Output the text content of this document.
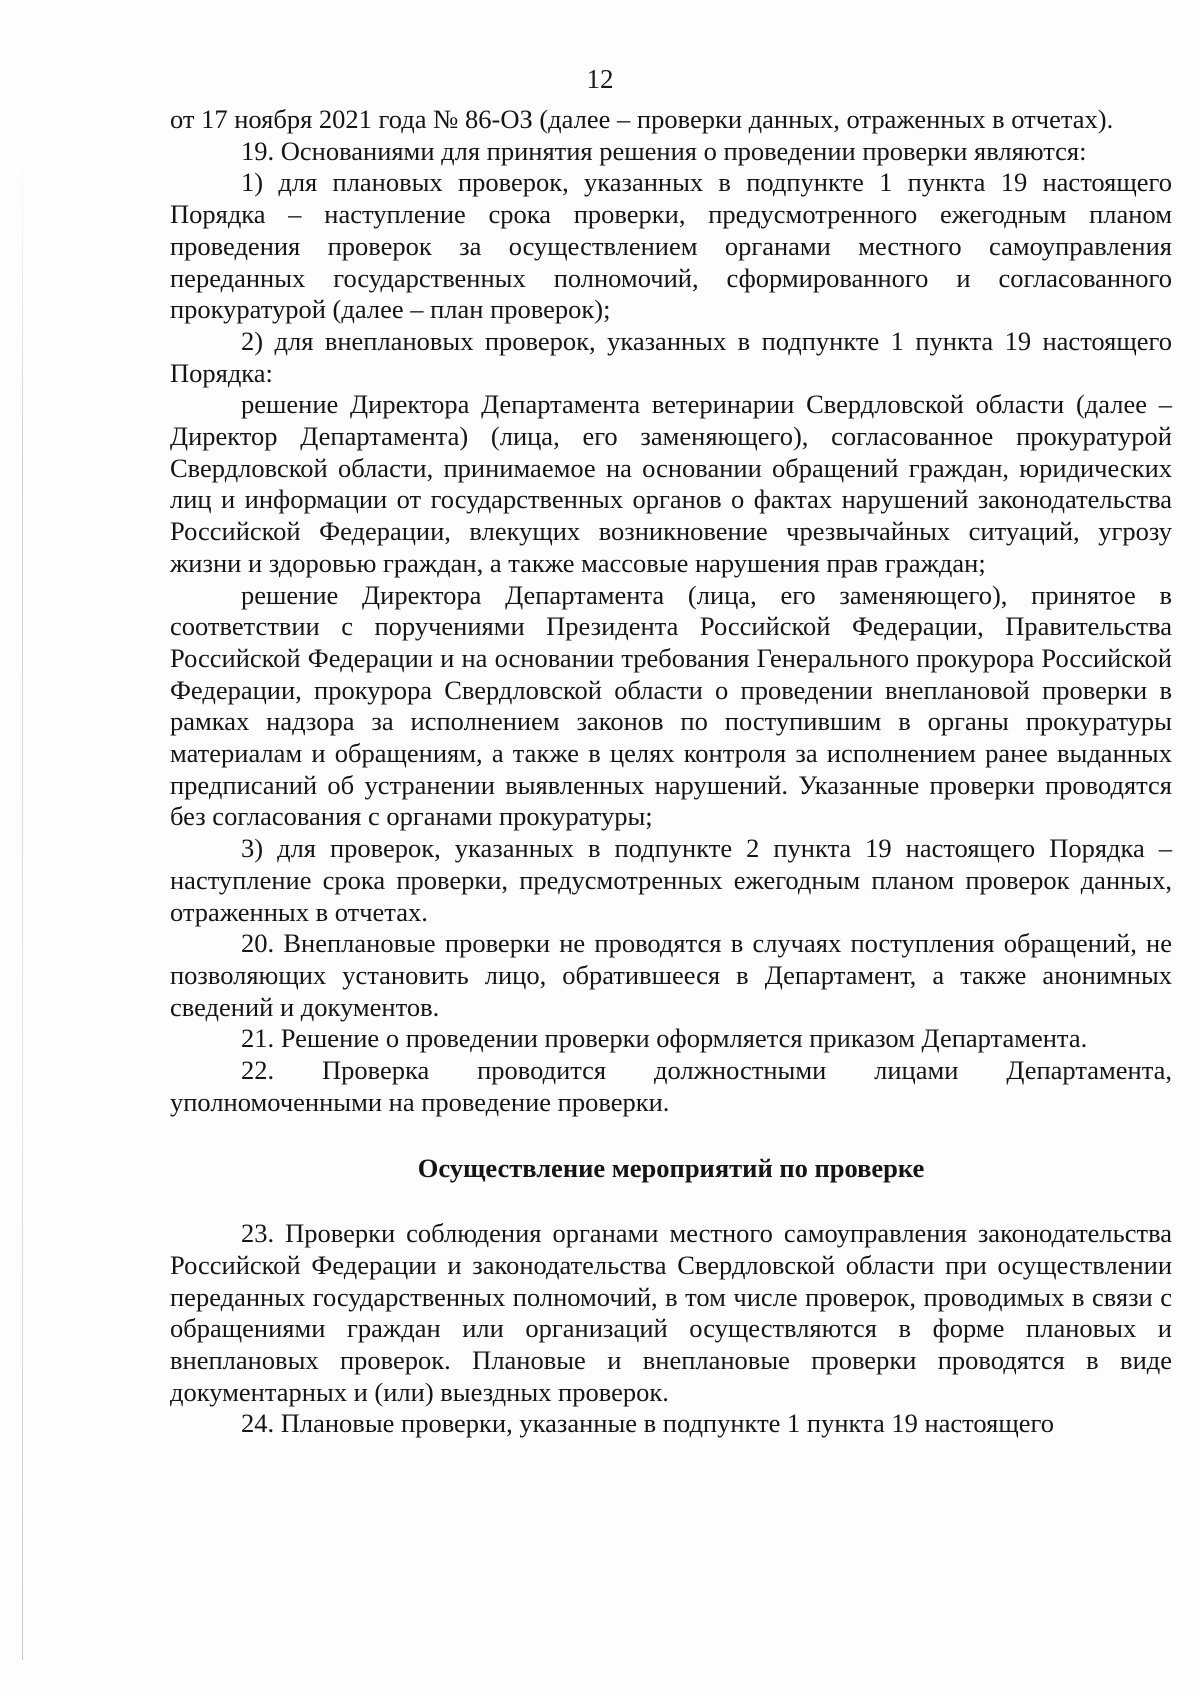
12

от 17 ноября 2021 года № 86-ОЗ (далее – проверки данных, отраженных в отчетах).

19. Основаниями для принятия решения о проведении проверки являются:

1) для плановых проверок, указанных в подпункте 1 пункта 19 настоящего Порядка – наступление срока проверки, предусмотренного ежегодным планом проведения проверок за осуществлением органами местного самоуправления переданных государственных полномочий, сформированного и согласованного прокуратурой (далее – план проверок);

2) для внеплановых проверок, указанных в подпункте 1 пункта 19 настоящего Порядка:

решение Директора Департамента ветеринарии Свердловской области (далее – Директор Департамента) (лица, его заменяющего), согласованное прокуратурой Свердловской области, принимаемое на основании обращений граждан, юридических лиц и информации от государственных органов о фактах нарушений законодательства Российской Федерации, влекущих возникновение чрезвычайных ситуаций, угрозу жизни и здоровью граждан, а также массовые нарушения прав граждан;

решение Директора Департамента (лица, его заменяющего), принятое в соответствии с поручениями Президента Российской Федерации, Правительства Российской Федерации и на основании требования Генерального прокурора Российской Федерации, прокурора Свердловской области о проведении внеплановой проверки в рамках надзора за исполнением законов по поступившим в органы прокуратуры материалам и обращениям, а также в целях контроля за исполнением ранее выданных предписаний об устранении выявленных нарушений. Указанные проверки проводятся без согласования с органами прокуратуры;

3) для проверок, указанных в подпункте 2 пункта 19 настоящего Порядка – наступление срока проверки, предусмотренных ежегодным планом проверок данных, отраженных в отчетах.

20. Внеплановые проверки не проводятся в случаях поступления обращений, не позволяющих установить лицо, обратившееся в Департамент, а также анонимных сведений и документов.

21. Решение о проведении проверки оформляется приказом Департамента.

22. Проверка проводится должностными лицами Департамента, уполномоченными на проведение проверки.

Осуществление мероприятий по проверке

23. Проверки соблюдения органами местного самоуправления законодательства Российской Федерации и законодательства Свердловской области при осуществлении переданных государственных полномочий, в том числе проверок, проводимых в связи с обращениями граждан или организаций осуществляются в форме плановых и внеплановых проверок. Плановые и внеплановые проверки проводятся в виде документарных и (или) выездных проверок.

24. Плановые проверки, указанные в подпункте 1 пункта 19 настоящего
